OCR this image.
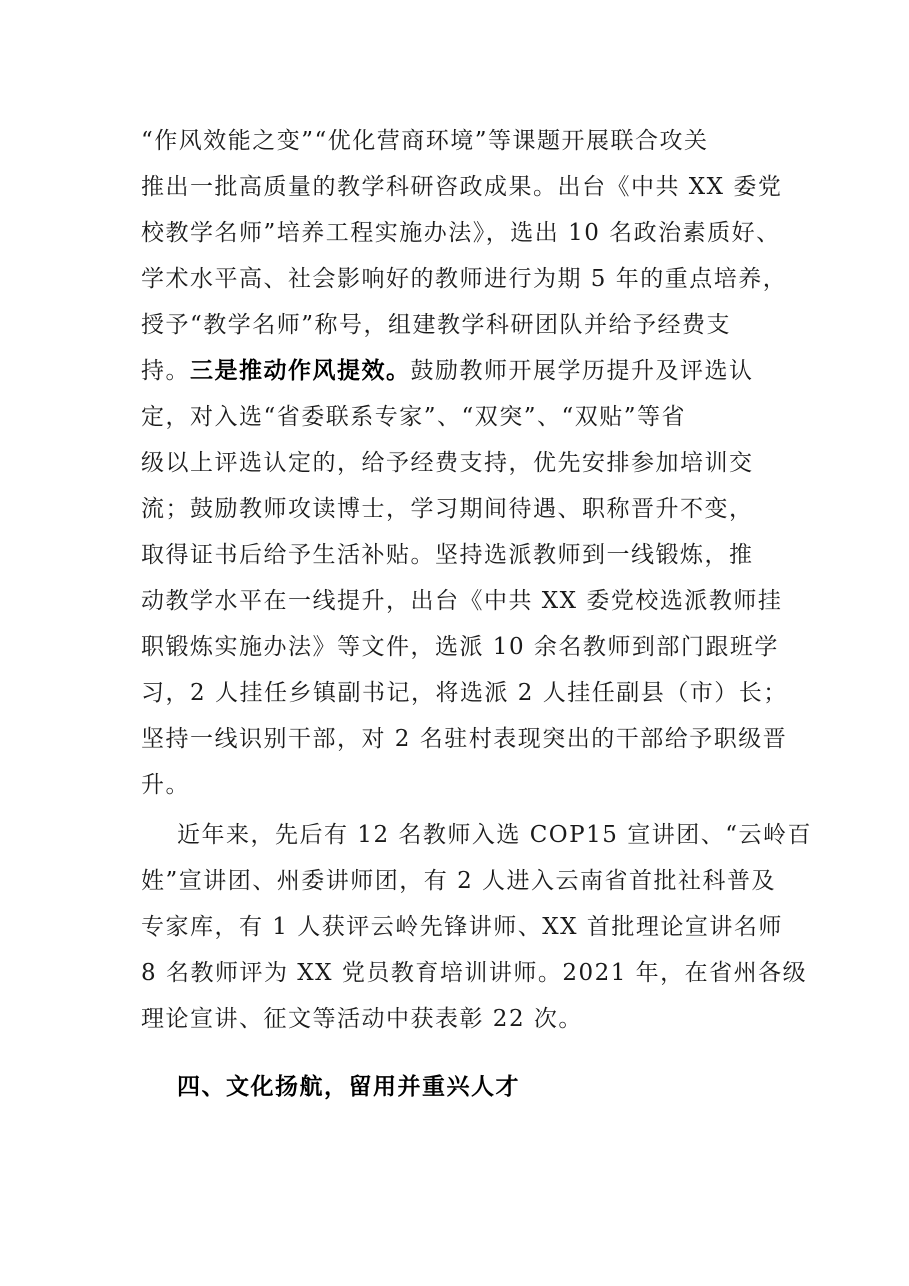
“作风效能之变”“优化营商环境”等课题开展联合攻关
推出一批高质量的教学科研咨政成果。出台《中共 XX 委党
校教学名师”培养工程实施办法》，选出 10 名政治素质好、
学术水平高、社会影响好的教师进行为期 5 年的重点培养，
授予“教学名师”称号，组建教学科研团队并给予经费支
持。三是推动作风提效。鼓励教师开展学历提升及评选认
定，对入选“省委联系专家”、“双突”、“双贴”等省
级以上评选认定的，给予经费支持，优先安排参加培训交
流；鼓励教师攻读博士，学习期间待遇、职称晋升不变，
取得证书后给予生活补贴。坚持选派教师到一线锻炼，推
动教学水平在一线提升，出台《中共 XX 委党校选派教师挂
职锻炼实施办法》等文件，选派 10 余名教师到部门跟班学
习，2 人挂任乡镇副书记，将选派 2 人挂任副县（市）长；
坚持一线识别干部，对 2 名驻村表现突出的干部给予职级晋
升。
近年来，先后有 12 名教师入选 COP15 宣讲团、“云岭百
姓”宣讲团、州委讲师团，有 2 人进入云南省首批社科普及
专家库，有 1 人获评云岭先锋讲师、XX 首批理论宣讲名师
8 名教师评为 XX 党员教育培训讲师。2021 年，在省州各级
理论宣讲、征文等活动中获表彰 22 次。
四、文化扬航，留用并重兴人才
